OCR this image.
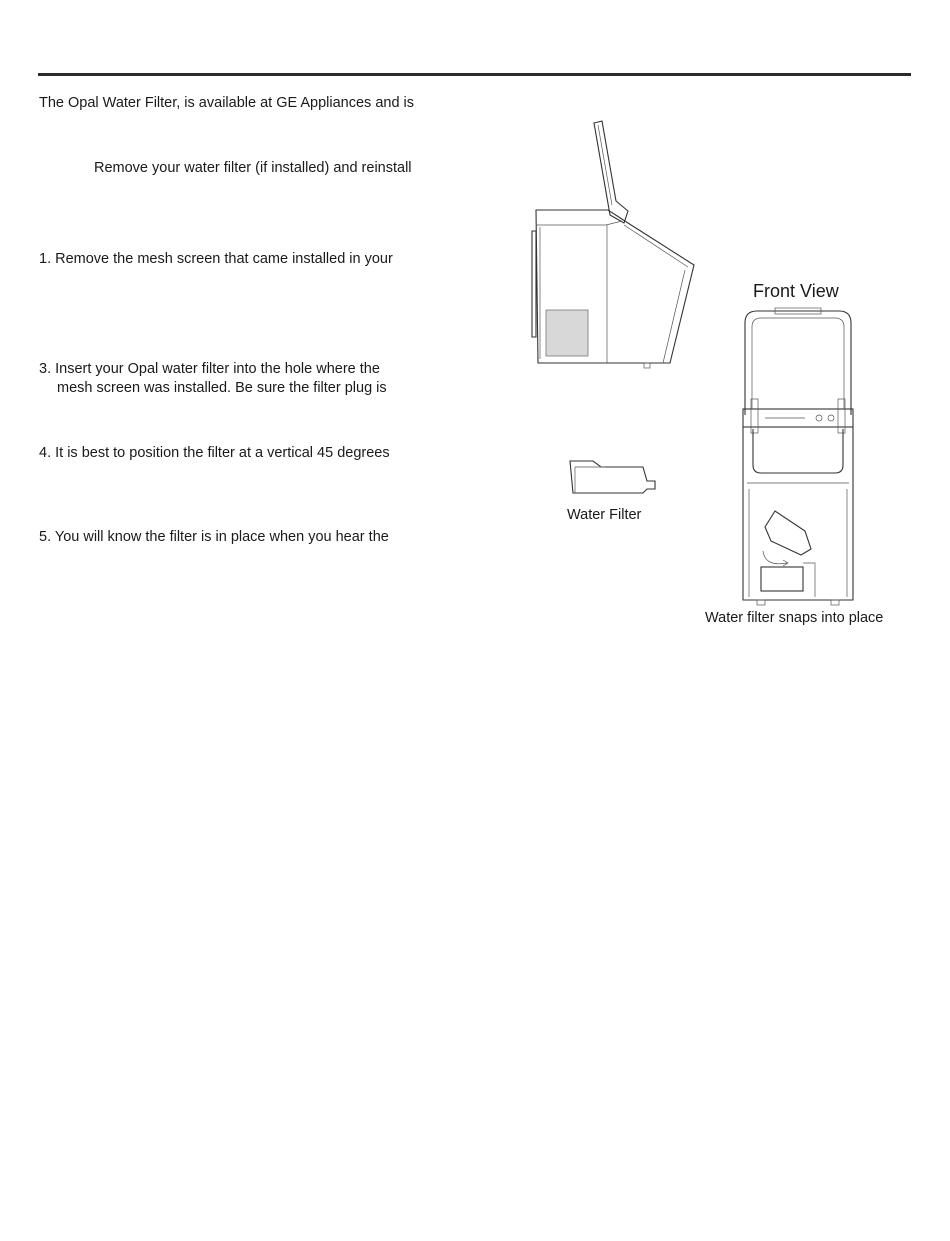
The Opal Water Filter, is available at GE Appliances and is
Remove your water filter (if installed) and reinstall
1. Remove the mesh screen that came installed in your
3. Insert your Opal water filter into the hole where the
mesh screen was installed. Be sure the filter plug is
4. It is best to position the filter at a vertical 45 degrees
5. You will know the filter is in place when you hear the
Water Filter
Front View
Water filter snaps into place
